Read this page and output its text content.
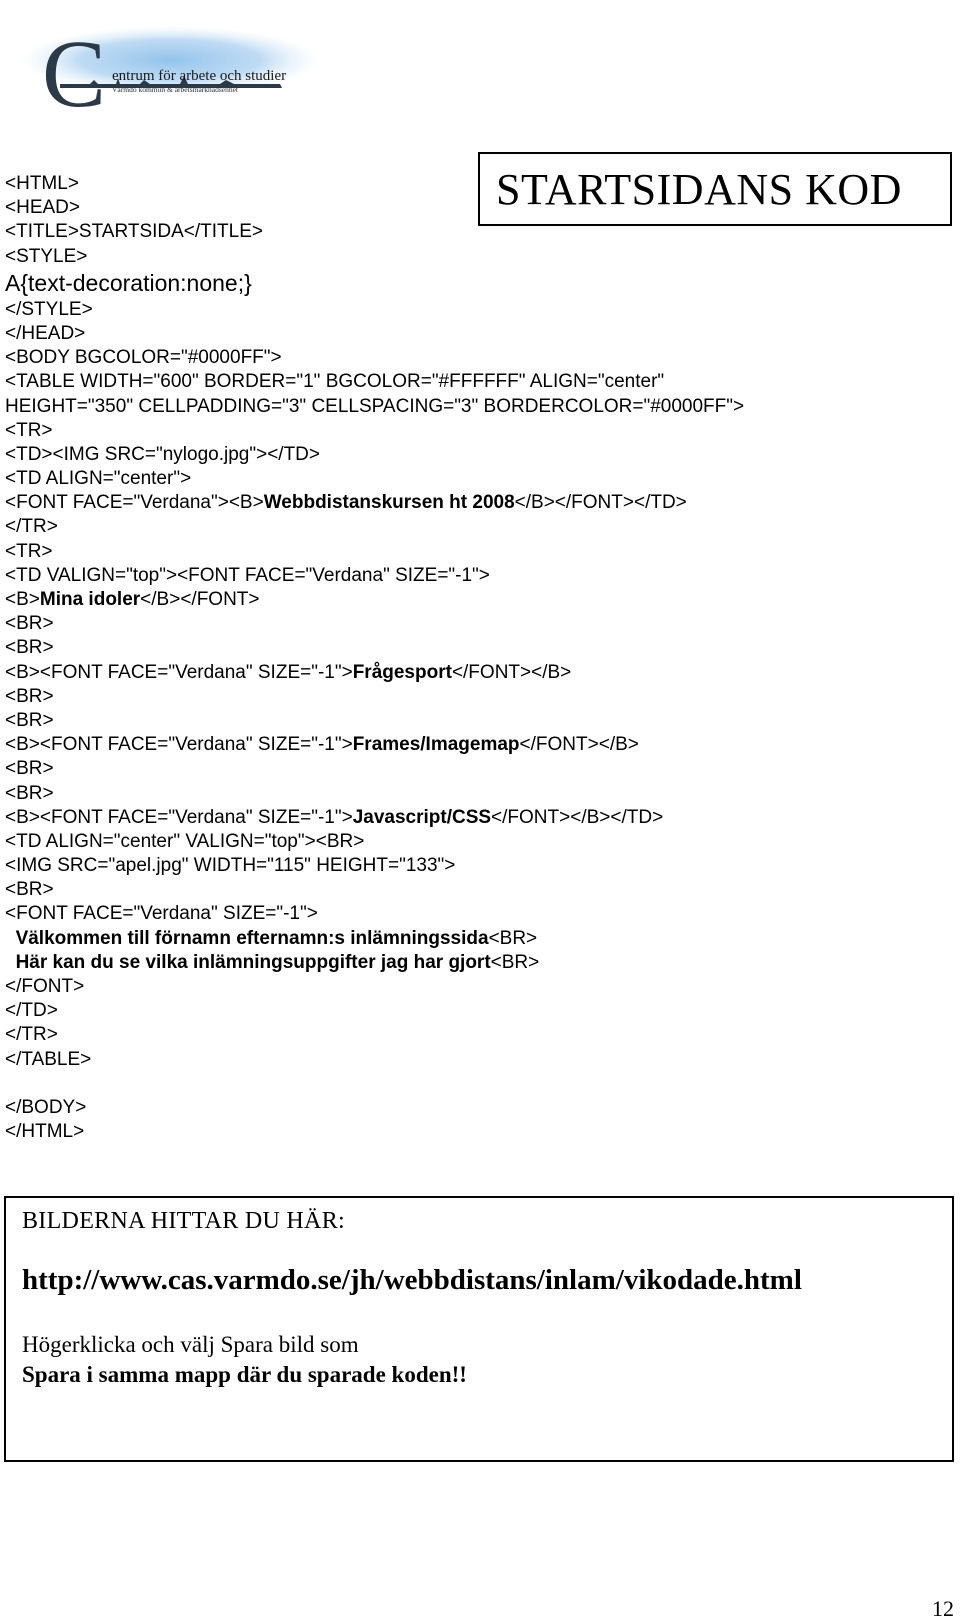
C entrum för arbete och studier
Värmdö kommun & arbetsmarknadsenhet
STARTSIDANS KOD
<HTML>
<HEAD>
<TITLE>STARTSIDA</TITLE>
<STYLE>
A{text-decoration:none;}
</STYLE>
</HEAD>
<BODY BGCOLOR="#0000FF">
<TABLE WIDTH="600" BORDER="1" BGCOLOR="#FFFFFF" ALIGN="center"
HEIGHT="350" CELLPADDING="3" CELLSPACING="3" BORDERCOLOR="#0000FF">
<TR>
<TD><IMG SRC="nylogo.jpg"></TD>
<TD ALIGN="center">
<FONT FACE="Verdana"><B>Webbdistanskursen ht 2008</B></FONT></TD>
</TR>
<TR>
<TD VALIGN="top"><FONT FACE="Verdana" SIZE="-1">
<B>Mina idoler</B></FONT>
<BR>
<BR>
<B><FONT FACE="Verdana" SIZE="-1">Frågesport</FONT></B>
<BR>
<BR>
<B><FONT FACE="Verdana" SIZE="-1">Frames/Imagemap</FONT></B>
<BR>
<BR>
<B><FONT FACE="Verdana" SIZE="-1">Javascript/CSS</FONT></B></TD>
<TD ALIGN="center" VALIGN="top"><BR>
<IMG SRC="apel.jpg" WIDTH="115" HEIGHT="133">
<BR>
<FONT FACE="Verdana" SIZE="-1">
Välkommen till förnamn efternamn:s inlämningssida<BR>
Här kan du se vilka inlämningsuppgifter jag har gjort<BR>
</FONT>
</TD>
</TR>
</TABLE>
</BODY>
</HTML>
BILDERNA HITTAR DU HÄR:
http://www.cas.varmdo.se/jh/webbdistans/inlam/vikodade.html
Högerklicka och välj Spara bild som
Spara i samma mapp där du sparade koden!!
12
